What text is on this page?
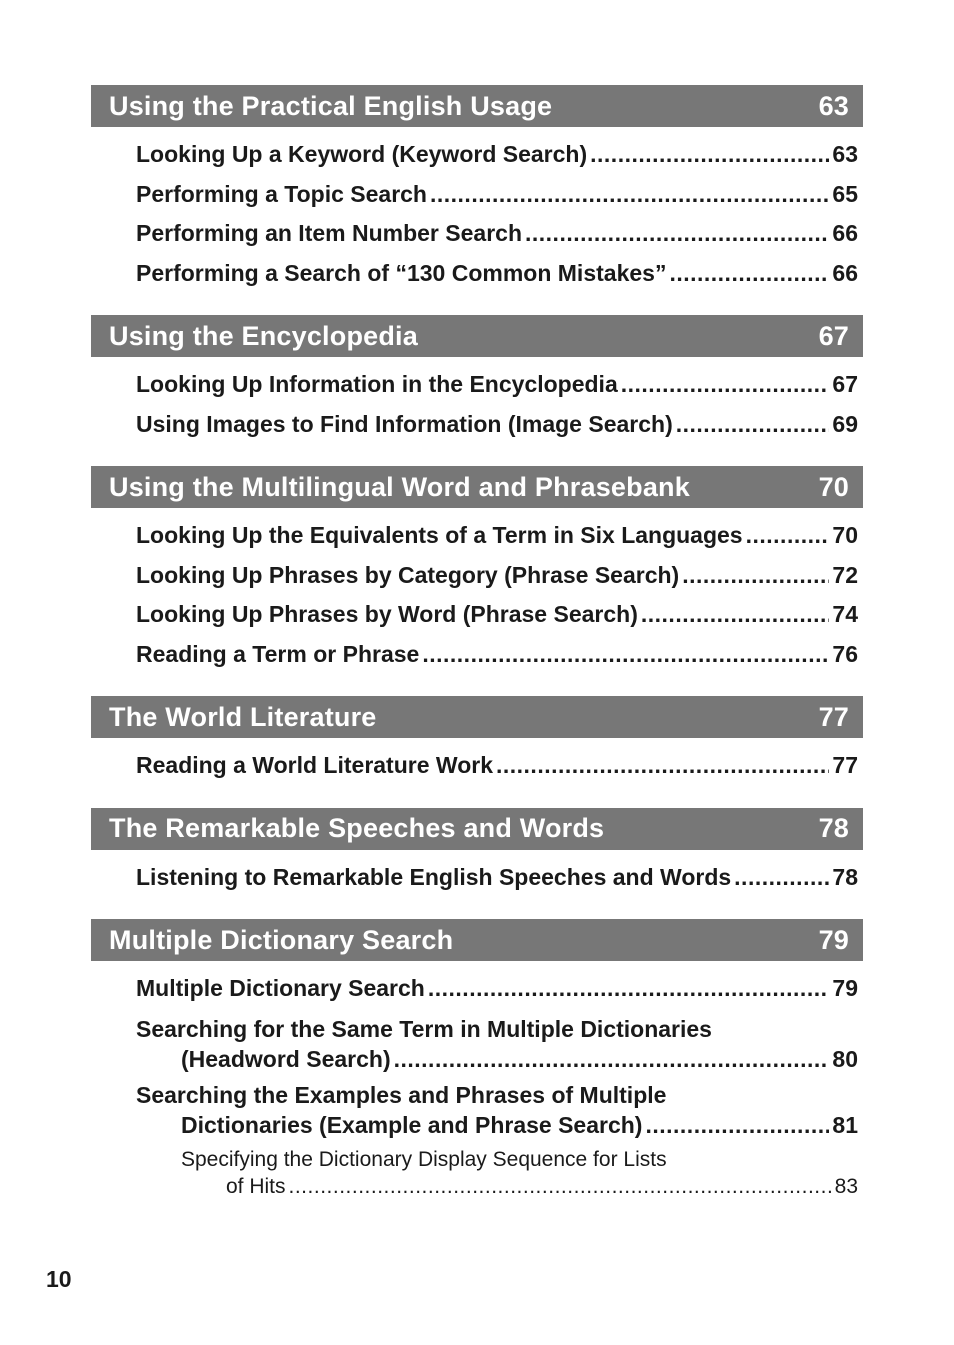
Using the Practical English Usage	63
Looking Up a Keyword (Keyword Search) .....	63
Performing a Topic Search .....	65
Performing an Item Number Search .....	66
Performing a Search of “130 Common Mistakes” .....	66
Using the Encyclopedia	67
Looking Up Information in the Encyclopedia .....	67
Using Images to Find Information (Image Search) .....	69
Using the Multilingual Word and Phrasebank	70
Looking Up the Equivalents of a Term in Six Languages .....	70
Looking Up Phrases by Category (Phrase Search) .....	72
Looking Up Phrases by Word (Phrase Search) .....	74
Reading a Term or Phrase .....	76
The World Literature	77
Reading a World Literature Work .....	77
The Remarkable Speeches and Words	78
Listening to Remarkable English Speeches and Words .....	78
Multiple Dictionary Search	79
Multiple Dictionary Search .....	79
Searching for the Same Term in Multiple Dictionaries
(Headword Search) .....	80
Searching the Examples and Phrases of Multiple
Dictionaries (Example and Phrase Search) .....	81
Specifying the Dictionary Display Sequence for Lists
of Hits .....	83
10
